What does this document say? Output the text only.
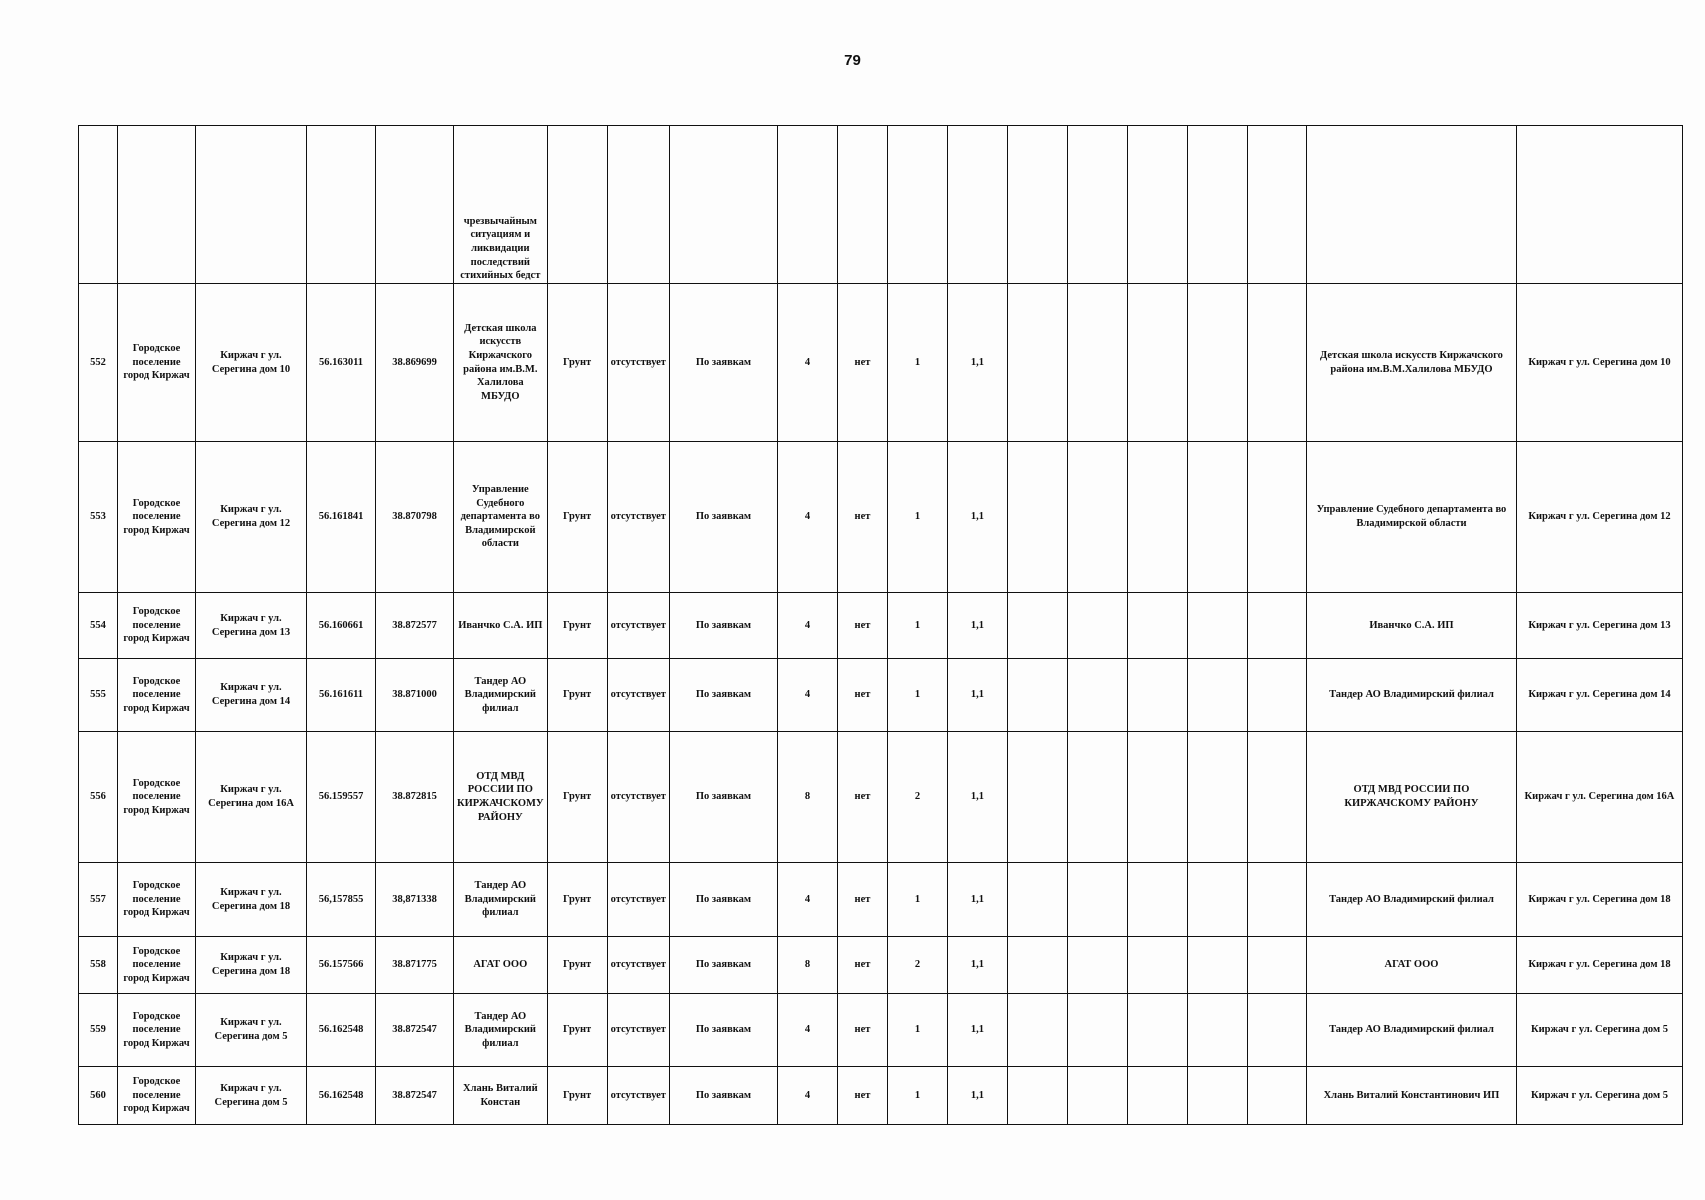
79
					чрезвычайным ситуациям и ликвидации последствий стихийных бедст														
552	Городское поселение город Киржач	Киржач г ул. Серегина дом 10	56.163011	38.869699	Детская школа искусств Киржачского района им.В.М. Халилова МБУДО	Грунт	отсутствует	По заявкам	4	нет	1	1,1						Детская школа искусств Киржачского района им.В.М.Халилова МБУДО	Киржач г ул. Серегина дом 10
553	Городское поселение город Киржач	Киржач г ул. Серегина дом 12	56.161841	38.870798	Управление Судебного департамента во Владимирской области	Грунт	отсутствует	По заявкам	4	нет	1	1,1						Управление Судебного департамента во Владимирской области	Киржач г ул. Серегина дом 12
554	Городское поселение город Киржач	Киржач г ул. Серегина дом 13	56.160661	38.872577	Иванчко С.А. ИП	Грунт	отсутствует	По заявкам	4	нет	1	1,1						Иванчко С.А. ИП	Киржач г ул. Серегина дом 13
555	Городское поселение город Киржач	Киржач г ул. Серегина дом 14	56.161611	38.871000	Тандер АО Владимирский филиал	Грунт	отсутствует	По заявкам	4	нет	1	1,1						Тандер АО Владимирский филиал	Киржач г ул. Серегина дом 14
556	Городское поселение город Киржач	Киржач г ул. Серегина дом 16А	56.159557	38.872815	ОТД МВД РОССИИ ПО КИРЖАЧСКОМУ РАЙОНУ	Грунт	отсутствует	По заявкам	8	нет	2	1,1						ОТД МВД РОССИИ ПО КИРЖАЧСКОМУ РАЙОНУ	Киржач г ул. Серегина дом 16А
557	Городское поселение город Киржач	Киржач г ул. Серегина дом 18	56,157855	38,871338	Тандер АО Владимирский филиал	Грунт	отсутствует	По заявкам	4	нет	1	1,1						Тандер АО Владимирский филиал	Киржач г ул. Серегина дом 18
558	Городское поселение город Киржач	Киржач г ул. Серегина дом 18	56.157566	38.871775	АГАТ ООО	Грунт	отсутствует	По заявкам	8	нет	2	1,1						АГАТ ООО	Киржач г ул. Серегина дом 18
559	Городское поселение город Киржач	Киржач г ул. Серегина дом 5	56.162548	38.872547	Тандер АО Владимирский филиал	Грунт	отсутствует	По заявкам	4	нет	1	1,1						Тандер АО Владимирский филиал	Киржач г ул. Серегина дом 5
560	Городское поселение город Киржач	Киржач г ул. Серегина дом 5	56.162548	38.872547	Хлань Виталий Констан	Грунт	отсутствует	По заявкам	4	нет	1	1,1						Хлань Виталий Константинович ИП	Киржач г ул. Серегина дом 5
